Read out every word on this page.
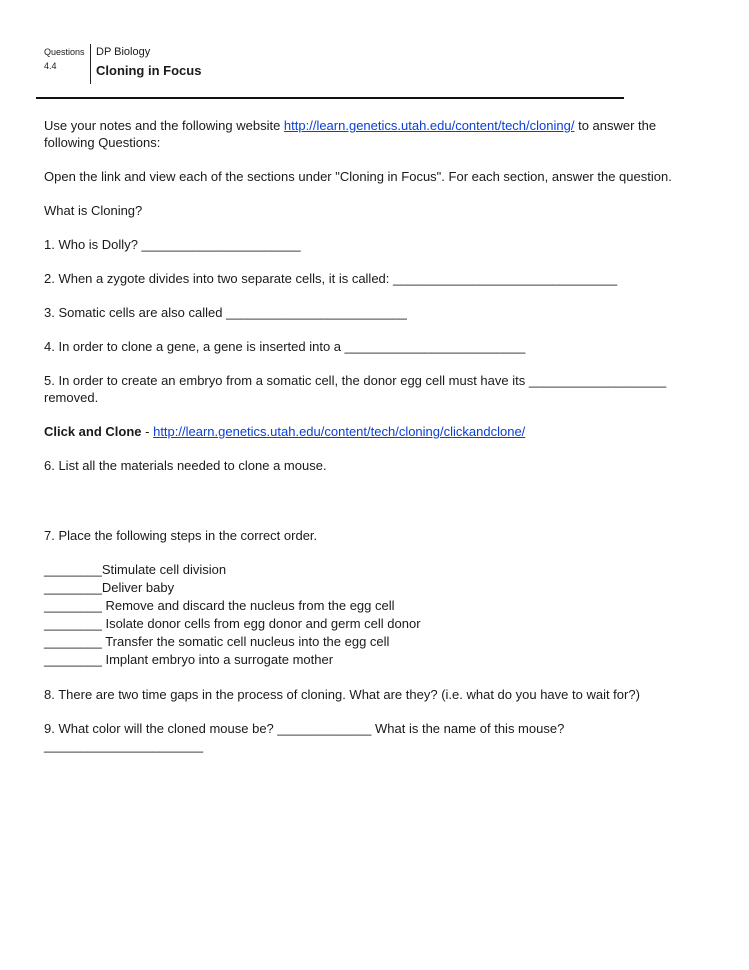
Questions
4.4
DP Biology
Cloning in Focus

Use your notes and the following website http://learn.genetics.utah.edu/content/tech/cloning/ to answer the following Questions:

Open the link and view each of the sections under "Cloning in Focus". For each section, answer the question.

What is Cloning?

1. Who is Dolly? ______________________

2. When a zygote divides into two separate cells, it is called: _______________________________

3. Somatic cells are also called _________________________

4. In order to clone a gene, a gene is inserted into a _________________________

5. In order to create an embryo from a somatic cell, the donor egg cell must have its ___________________ removed.

Click and Clone - http://learn.genetics.utah.edu/content/tech/cloning/clickandclone/

6. List all the materials needed to clone a mouse.

7. Place the following steps in the correct order.

________Stimulate cell division
________Deliver baby
________ Remove and discard the nucleus from the egg cell
________ Isolate donor cells from egg donor and germ cell donor
________ Transfer the somatic cell nucleus into the egg cell
________ Implant embryo into a surrogate mother

8. There are two time gaps in the process of cloning. What are they? (i.e. what do you have to wait for?)

9. What color will the cloned mouse be? _____________ What is the name of this mouse?
______________________
